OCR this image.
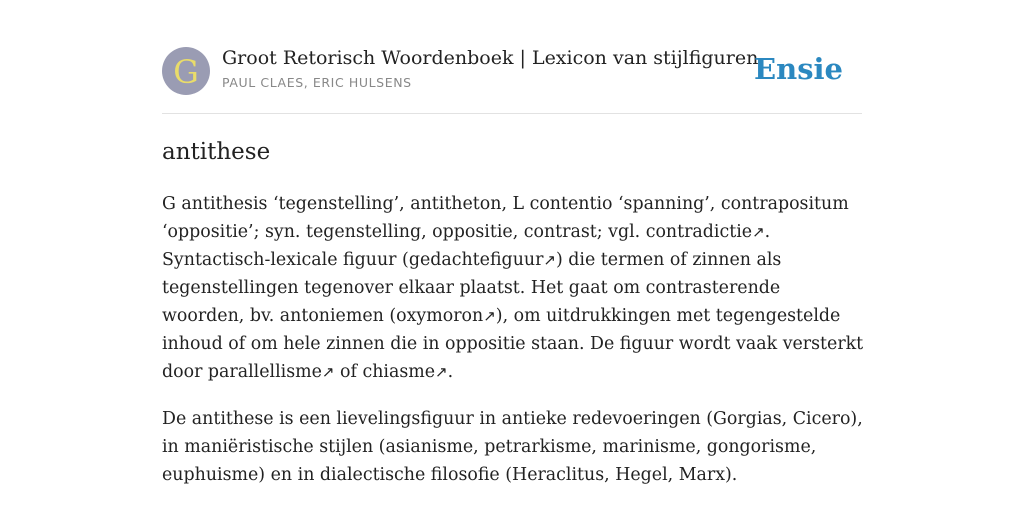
G	Groot Retorisch Woordenboek | Lexicon van stijlfiguren
PAUL CLAES, ERIC HULSENS	Ensie
antithese

G antithesis ‘tegenstelling’, antitheton, L contentio ‘spanning’, contrapositum ‘oppositie’; syn. tegenstelling, oppositie, contrast; vgl. contradictie↗. Syntactisch-lexicale figuur (gedachtefiguur↗) die termen of zinnen als tegenstellingen tegenover elkaar plaatst. Het gaat om contrasterende woorden, bv. antoniemen (oxymoron↗), om uitdrukkingen met tegengestelde inhoud of om hele zinnen die in oppositie staan. De figuur wordt vaak versterkt door parallellisme↗ of chiasme↗.

De antithese is een lievelingsfiguur in antieke redevoeringen (Gorgias, Cicero), in maniëristische stijlen (asianisme, petrarkisme, marinisme, gongorisme, euphuisme) en in dialectische filosofie (Heraclitus, Hegel, Marx).
